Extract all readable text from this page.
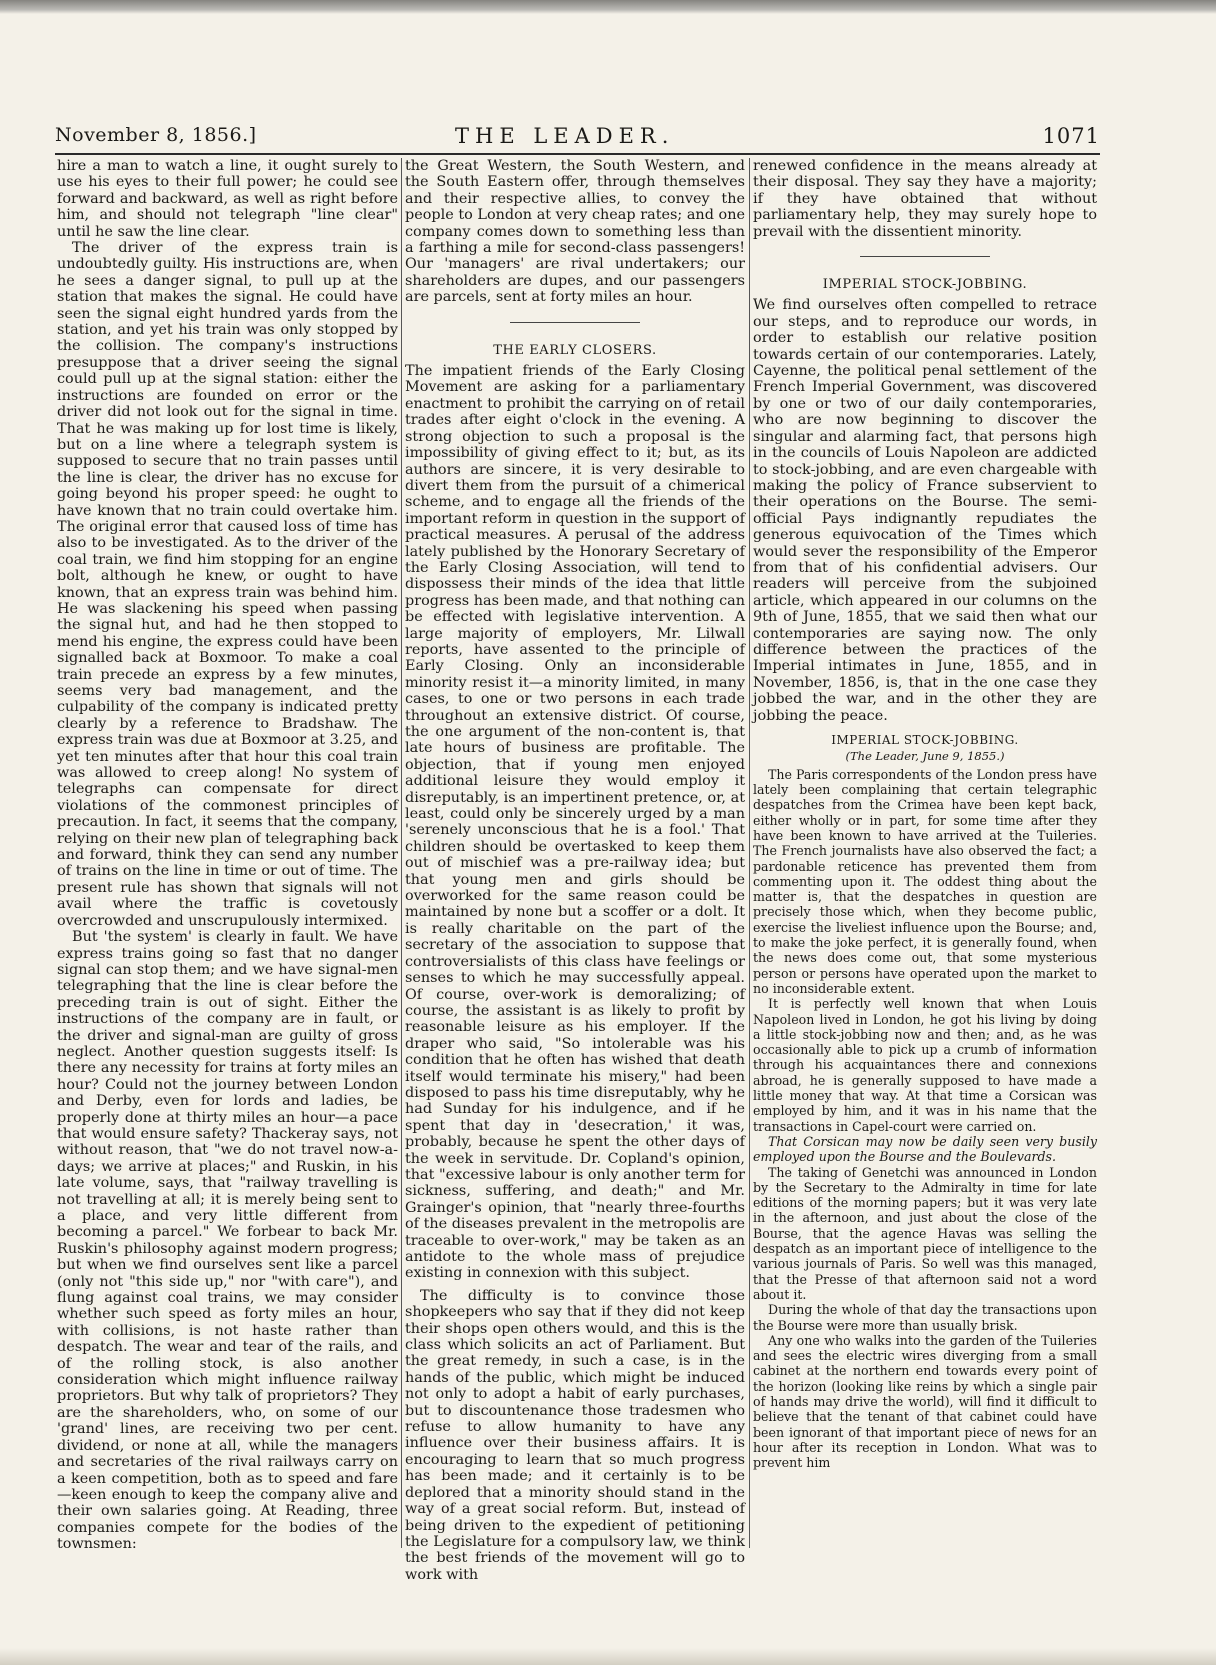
November 8, 1856.]	THE LEADER.	1071

hire a man to watch a line, it ought surely to use his eyes to their full power; he could see forward and backward, as well as right before him, and should not telegraph "line clear" until he saw the line clear.

The driver of the express train is undoubtedly guilty. His instructions are, when he sees a danger signal, to pull up at the station that makes the signal. He could have seen the signal eight hundred yards from the station, and yet his train was only stopped by the collision. The company's instructions presuppose that a driver seeing the signal could pull up at the signal station: either the instructions are founded on error or the driver did not look out for the signal in time. That he was making up for lost time is likely, but on a line where a telegraph system is supposed to secure that no train passes until the line is clear, the driver has no excuse for going beyond his proper speed: he ought to have known that no train could overtake him. The original error that caused loss of time has also to be investigated. As to the driver of the coal train, we find him stopping for an engine bolt, although he knew, or ought to have known, that an express train was behind him. He was slackening his speed when passing the signal hut, and had he then stopped to mend his engine, the express could have been signalled back at Boxmoor. To make a coal train precede an express by a few minutes, seems very bad management, and the culpability of the company is indicated pretty clearly by a reference to Bradshaw. The express train was due at Boxmoor at 3.25, and yet ten minutes after that hour this coal train was allowed to creep along! No system of telegraphs can compensate for direct violations of the commonest principles of precaution. In fact, it seems that the company, relying on their new plan of telegraphing back and forward, think they can send any number of trains on the line in time or out of time. The present rule has shown that signals will not avail where the traffic is covetously overcrowded and unscrupulously intermixed.

But 'the system' is clearly in fault. We have express trains going so fast that no danger signal can stop them; and we have signal-men telegraphing that the line is clear before the preceding train is out of sight. Either the instructions of the company are in fault, or the driver and signal-man are guilty of gross neglect. Another question suggests itself: Is there any necessity for trains at forty miles an hour? Could not the journey between London and Derby, even for lords and ladies, be properly done at thirty miles an hour—a pace that would ensure safety? Thackeray says, not without reason, that "we do not travel now-a-days; we arrive at places;" and Ruskin, in his late volume, says, that "railway travelling is not travelling at all; it is merely being sent to a place, and very little different from becoming a parcel." We forbear to back Mr. Ruskin's philosophy against modern progress; but when we find ourselves sent like a parcel (only not "this side up," nor "with care"), and flung against coal trains, we may consider whether such speed as forty miles an hour, with collisions, is not haste rather than despatch. The wear and tear of the rails, and of the rolling stock, is also another consideration which might influence railway proprietors. But why talk of proprietors? They are the shareholders, who, on some of our 'grand' lines, are receiving two per cent. dividend, or none at all, while the managers and secretaries of the rival railways carry on a keen competition, both as to speed and fare—keen enough to keep the company alive and their own salaries going. At Reading, three companies compete for the bodies of the townsmen:

the Great Western, the South Western, and the South Eastern offer, through themselves and their respective allies, to convey the people to London at very cheap rates; and one company comes down to something less than a farthing a mile for second-class passengers! Our 'managers' are rival undertakers; our shareholders are dupes, and our passengers are parcels, sent at forty miles an hour.

THE EARLY CLOSERS.

The impatient friends of the Early Closing Movement are asking for a parliamentary enactment to prohibit the carrying on of retail trades after eight o'clock in the evening. A strong objection to such a proposal is the impossibility of giving effect to it; but, as its authors are sincere, it is very desirable to divert them from the pursuit of a chimerical scheme, and to engage all the friends of the important reform in question in the support of practical measures. A perusal of the address lately published by the Honorary Secretary of the Early Closing Association, will tend to dispossess their minds of the idea that little progress has been made, and that nothing can be effected with legislative intervention. A large majority of employers, Mr. Lilwall reports, have assented to the principle of Early Closing. Only an inconsiderable minority resist it—a minority limited, in many cases, to one or two persons in each trade throughout an extensive district. Of course, the one argument of the non-content is, that late hours of business are profitable. The objection, that if young men enjoyed additional leisure they would employ it disreputably, is an impertinent pretence, or, at least, could only be sincerely urged by a man 'serenely unconscious that he is a fool.' That children should be overtasked to keep them out of mischief was a pre-railway idea; but that young men and girls should be overworked for the same reason could be maintained by none but a scoffer or a dolt. It is really charitable on the part of the secretary of the association to suppose that controversialists of this class have feelings or senses to which he may successfully appeal. Of course, over-work is demoralizing; of course, the assistant is as likely to profit by reasonable leisure as his employer. If the draper who said, "So intolerable was his condition that he often has wished that death itself would terminate his misery," had been disposed to pass his time disreputably, why he had Sunday for his indulgence, and if he spent that day in 'desecration,' it was, probably, because he spent the other days of the week in servitude. Dr. Copland's opinion, that "excessive labour is only another term for sickness, suffering, and death;" and Mr. Grainger's opinion, that "nearly three-fourths of the diseases prevalent in the metropolis are traceable to over-work," may be taken as an antidote to the whole mass of prejudice existing in connexion with this subject.

The difficulty is to convince those shopkeepers who say that if they did not keep their shops open others would, and this is the class which solicits an act of Parliament. But the great remedy, in such a case, is in the hands of the public, which might be induced not only to adopt a habit of early purchases, but to discountenance those tradesmen who refuse to allow humanity to have any influence over their business affairs. It is encouraging to learn that so much progress has been made; and it certainly is to be deplored that a minority should stand in the way of a great social reform. But, instead of being driven to the expedient of petitioning the Legislature for a compulsory law, we think the best friends of the movement will go to work with

renewed confidence in the means already at their disposal. They say they have a majority; if they have obtained that without parliamentary help, they may surely hope to prevail with the dissentient minority.

IMPERIAL STOCK-JOBBING.

We find ourselves often compelled to retrace our steps, and to reproduce our words, in order to establish our relative position towards certain of our contemporaries. Lately, Cayenne, the political penal settlement of the French Imperial Government, was discovered by one or two of our daily contemporaries, who are now beginning to discover the singular and alarming fact, that persons high in the councils of Louis Napoleon are addicted to stock-jobbing, and are even chargeable with making the policy of France subservient to their operations on the Bourse. The semi-official Pays indignantly repudiates the generous equivocation of the Times which would sever the responsibility of the Emperor from that of his confidential advisers. Our readers will perceive from the subjoined article, which appeared in our columns on the 9th of June, 1855, that we said then what our contemporaries are saying now. The only difference between the practices of the Imperial intimates in June, 1855, and in November, 1856, is, that in the one case they jobbed the war, and in the other they are jobbing the peace.

IMPERIAL STOCK-JOBBING.
(The Leader, June 9, 1855.)

The Paris correspondents of the London press have lately been complaining that certain telegraphic despatches from the Crimea have been kept back, either wholly or in part, for some time after they have been known to have arrived at the Tuileries. The French journalists have also observed the fact; a pardonable reticence has prevented them from commenting upon it. The oddest thing about the matter is, that the despatches in question are precisely those which, when they become public, exercise the liveliest influence upon the Bourse; and, to make the joke perfect, it is generally found, when the news does come out, that some mysterious person or persons have operated upon the market to no inconsiderable extent.

It is perfectly well known that when Louis Napoleon lived in London, he got his living by doing a little stock-jobbing now and then; and, as he was occasionally able to pick up a crumb of information through his acquaintances there and connexions abroad, he is generally supposed to have made a little money that way. At that time a Corsican was employed by him, and it was in his name that the transactions in Capel-court were carried on.

That Corsican may now be daily seen very busily employed upon the Bourse and the Boulevards.

The taking of Genetchi was announced in London by the Secretary to the Admiralty in time for late editions of the morning papers; but it was very late in the afternoon, and just about the close of the Bourse, that the agence Havas was selling the despatch as an important piece of intelligence to the various journals of Paris. So well was this managed, that the Presse of that afternoon said not a word about it.

During the whole of that day the transactions upon the Bourse were more than usually brisk.

Any one who walks into the garden of the Tuileries and sees the electric wires diverging from a small cabinet at the northern end towards every point of the horizon (looking like reins by which a single pair of hands may drive the world), will find it difficult to believe that the tenant of that cabinet could have been ignorant of that important piece of news for an hour after its reception in London. What was to prevent him
